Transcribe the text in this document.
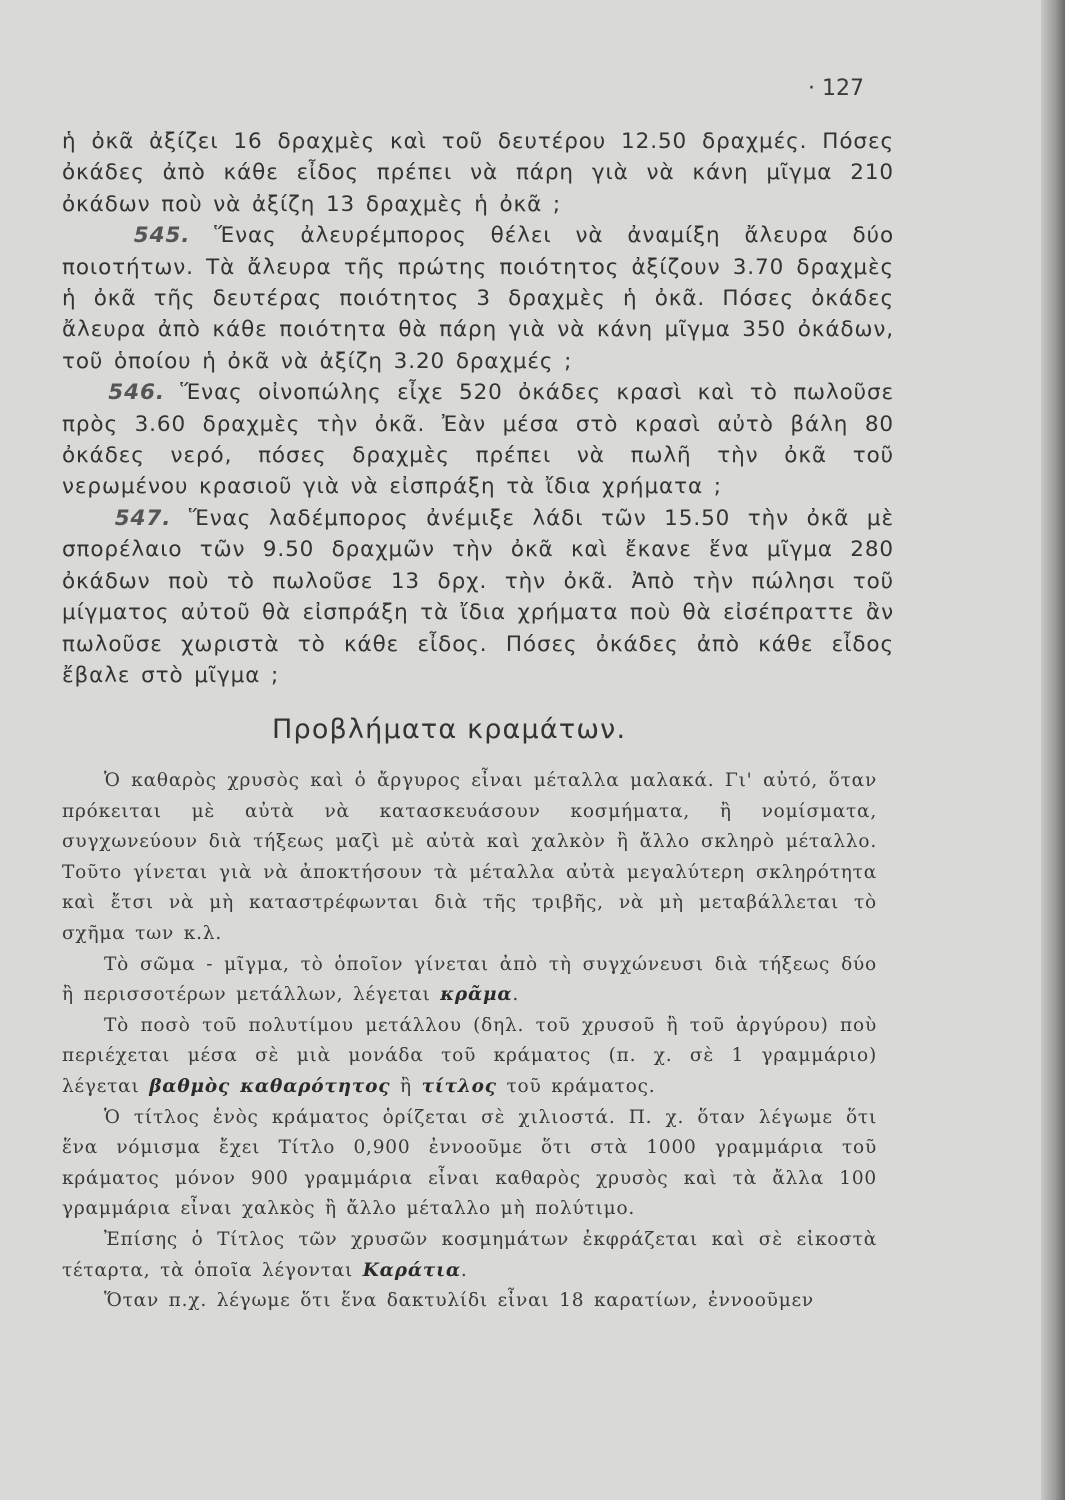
· 127

ἡ ὀκᾶ ἀξίζει 16 δραχμὲς καὶ τοῦ δευτέρου 12.50 δραχμές. Πόσες ὀκάδες ἀπὸ κάθε εἶδος πρέπει νὰ πάρη γιὰ νὰ κάνη μῖγμα 210 ὀκάδων ποὺ νὰ ἀξίζη 13 δραχμὲς ἡ ὀκᾶ ;

545. Ἕνας ἀλευρέμπορος θέλει νὰ ἀναμίξη ἄλευρα δύο ποιοτήτων. Τὰ ἄλευρα τῆς πρώτης ποιότητος ἀξίζουν 3.70 δραχμὲς ἡ ὀκᾶ τῆς δευτέρας ποιότητος 3 δραχμὲς ἡ ὀκᾶ. Πόσες ὀκάδες ἄλευρα ἀπὸ κάθε ποιότητα θὰ πάρη γιὰ νὰ κάνη μῖγμα 350 ὀκάδων, τοῦ ὁποίου ἡ ὀκᾶ νὰ ἀξίζη 3.20 δραχμές ;

546. Ἕνας οἰνοπώλης εἶχε 520 ὀκάδες κρασὶ καὶ τὸ πωλοῦσε πρὸς 3.60 δραχμὲς τὴν ὀκᾶ. Ἐὰν μέσα στὸ κρασὶ αὐτὸ βάλη 80 ὀκάδες νερό, πόσες δραχμὲς πρέπει νὰ πωλῆ τὴν ὀκᾶ τοῦ νερωμένου κρασιοῦ γιὰ νὰ εἰσπράξη τὰ ἴδια χρήματα ;

547. Ἕνας λαδέμπορος ἀνέμιξε λάδι τῶν 15.50 τὴν ὀκᾶ μὲ σπορέλαιο τῶν 9.50 δραχμῶν τὴν ὀκᾶ καὶ ἔκανε ἕνα μῖγμα 280 ὀκάδων ποὺ τὸ πωλοῦσε 13 δρχ. τὴν ὀκᾶ. Ἀπὸ τὴν πώλησι τοῦ μίγματος αὐτοῦ θὰ εἰσπράξη τὰ ἴδια χρήματα ποὺ θὰ εἰσέπραττε ἂν πωλοῦσε χωριστὰ τὸ κάθε εἶδος. Πόσες ὀκάδες ἀπὸ κάθε εἶδος ἔβαλε στὸ μῖγμα ;

Προβλήματα κραμάτων.

Ὁ καθαρὸς χρυσὸς καὶ ὁ ἄργυρος εἶναι μέταλλα μαλακά. Γι' αὐτό, ὅταν πρόκειται μὲ αὐτὰ νὰ κατασκευάσουν κοσμήματα, ἢ νομίσματα, συγχωνεύουν διὰ τήξεως μαζὶ μὲ αὐτὰ καὶ χαλκὸν ἢ ἄλλο σκληρὸ μέταλλο. Τοῦτο γίνεται γιὰ νὰ ἀποκτήσουν τὰ μέταλλα αὐτὰ μεγαλύτερη σκληρότητα καὶ ἔτσι νὰ μὴ καταστρέφωνται διὰ τῆς τριβῆς, νὰ μὴ μεταβάλλεται τὸ σχῆμα των κ.λ.

Τὸ σῶμα - μῖγμα, τὸ ὁποῖον γίνεται ἀπὸ τὴ συγχώνευσι διὰ τήξεως δύο ἢ περισσοτέρων μετάλλων, λέγεται κρᾶμα.

Τὸ ποσὸ τοῦ πολυτίμου μετάλλου (δηλ. τοῦ χρυσοῦ ἢ τοῦ ἀργύρου) ποὺ περιέχεται μέσα σὲ μιὰ μονάδα τοῦ κράματος (π. χ. σὲ 1 γραμμάριο) λέγεται βαθμὸς καθαρότητος ἢ τίτλος τοῦ κράματος.

Ὁ τίτλος ἑνὸς κράματος ὁρίζεται σὲ χιλιοστά. Π. χ. ὅταν λέγωμε ὅτι ἕνα νόμισμα ἔχει Τίτλο 0,900 ἐννοοῦμε ὅτι στὰ 1000 γραμμάρια τοῦ κράματος μόνον 900 γραμμάρια εἶναι καθαρὸς χρυσὸς καὶ τὰ ἄλλα 100 γραμμάρια εἶναι χαλκὸς ἢ ἄλλο μέταλλο μὴ πολύτιμο.

Ἐπίσης ὁ Τίτλος τῶν χρυσῶν κοσμημάτων ἐκφράζεται καὶ σὲ εἰκοστὰ τέταρτα, τὰ ὁποῖα λέγονται Καράτια.

Ὅταν π.χ. λέγωμε ὅτι ἕνα δακτυλίδι εἶναι 18 καρατίων, ἐννοοῦμεν
